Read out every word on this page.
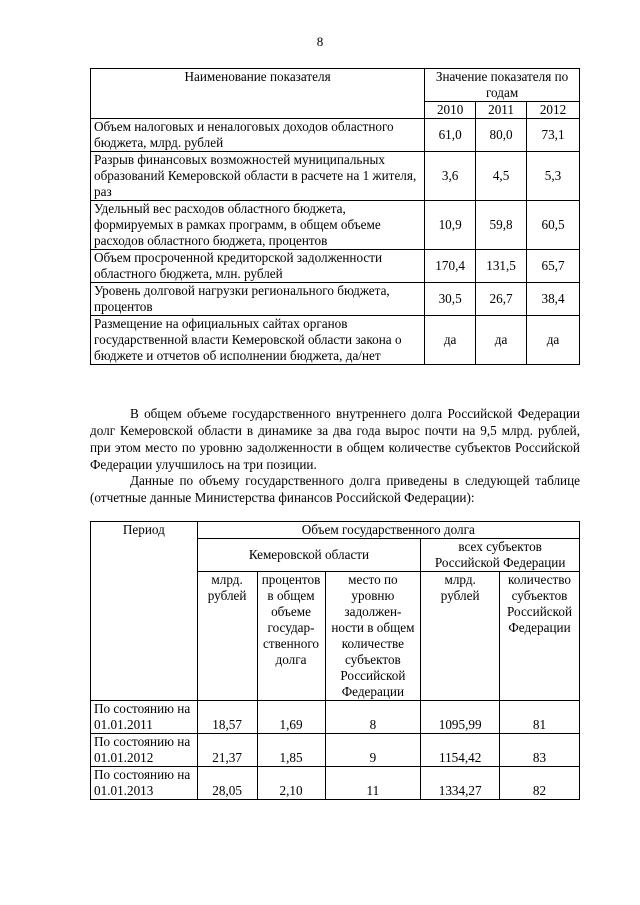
8
Наименование показателя	Значение показателя по годам		
	2010	2011	2012
Объем налоговых и неналоговых доходов областного бюджета, млрд. рублей	61,0	80,0	73,1
Разрыв финансовых возможностей муниципальных образований Кемеровской области в расчете на 1 жителя, раз	3,6	4,5	5,3
Удельный вес расходов областного бюджета, формируемых в рамках программ, в общем объеме расходов областного бюджета, процентов	10,9	59,8	60,5
Объем просроченной кредиторской задолженности областного бюджета, млн. рублей	170,4	131,5	65,7
Уровень долговой нагрузки регионального бюджета, процентов	30,5	26,7	38,4
Размещение на официальных сайтах органов государственной власти Кемеровской области закона о бюджете и отчетов об исполнении бюджета, да/нет	да	да	да

В общем объеме государственного внутреннего долга Российской Федерации долг Кемеровской области в динамике за два года вырос почти на 9,5 млрд. рублей, при этом место по уровню задолженности в общем количестве субъектов Российской Федерации улучшилось на три позиции.

Данные по объему государственного долга приведены в следующей таблице (отчетные данные Министерства финансов Российской Федерации):

Период	Объем государственного долга				
	Кемеровской области			всех субъектов Российской Федерации	
	млрд. рублей	процентов в общем объеме государ-ственного долга	место по уровню задолжен-ности в общем количестве субъектов Российской Федерации	млрд. рублей	количество субъектов Российской Федерации
По состоянию на 01.01.2011	18,57	1,69	8	1095,99	81
По состоянию на 01.01.2012	21,37	1,85	9	1154,42	83
По состоянию на 01.01.2013	28,05	2,10	11	1334,27	82
